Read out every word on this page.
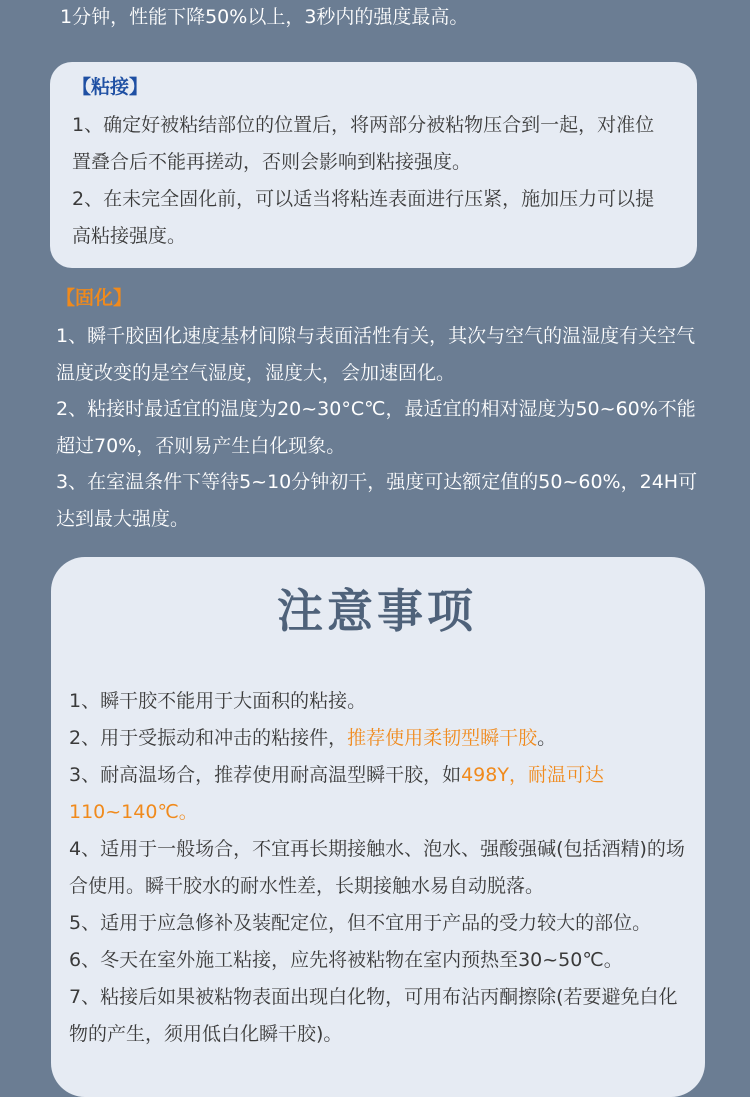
1分钟，性能下降50%以上，3秒内的强度最高。
【粘接】
1、确定好被粘结部位的位置后，将两部分被粘物压合到一起，对准位置叠合后不能再搓动，否则会影响到粘接强度。
2、在未完全固化前，可以适当将粘连表面进行压紧，施加压力可以提高粘接强度。
【固化】
1、瞬千胶固化速度基材间隙与表面活性有关，其次与空气的温湿度有关空气温度改变的是空气湿度，湿度大，会加速固化。
2、粘接时最适宜的温度为20~30°C℃，最适宜的相对湿度为50~60%不能超过70%，否则易产生白化现象。
3、在室温条件下等待5~10分钟初干，强度可达额定值的50~60%，24H可达到最大强度。
注意事项
1、瞬干胶不能用于大面积的粘接。
2、用于受振动和冲击的粘接件，推荐使用柔韧型瞬干胶。
3、耐高温场合，推荐使用耐高温型瞬干胶，如498Y，耐温可达110~140℃。
4、适用于一般场合，不宜再长期接触水、泡水、强酸强碱(包括酒精)的场合使用。瞬干胶水的耐水性差，长期接触水易自动脱落。
5、适用于应急修补及装配定位，但不宜用于产品的受力较大的部位。
6、冬天在室外施工粘接，应先将被粘物在室内预热至30~50℃。
7、粘接后如果被粘物表面出现白化物，可用布沾丙酮擦除(若要避免白化物的产生，须用低白化瞬干胶)。
